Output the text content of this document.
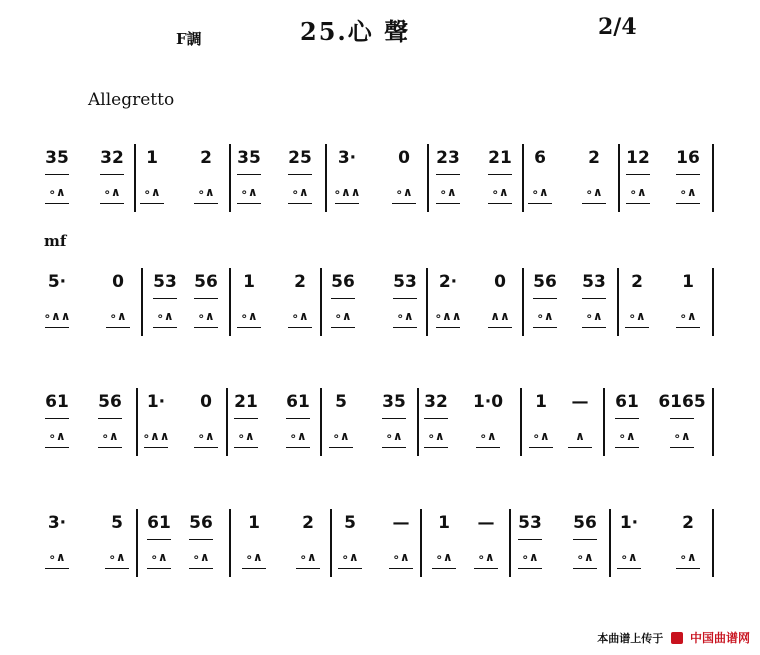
F調	25.心 聲	2/4
Allegretto
mf
35
∘∧
32
∘∧
1
∘∧
2
∘∧
35
∘∧
25
∘∧
3·
∘∧∧
0
∘∧
23
∘∧
21
∘∧
6
∘∧
2
∘∧
12
∘∧
16
∘∧
5·
∘∧∧
0
∘∧
53
∘∧
56
∘∧
1
∘∧
2
∘∧
56
∘∧
53
∘∧
2·
∘∧∧
0
∧∧
56
∘∧
53
∘∧
2
∘∧
1
∘∧
61
∘∧
56
∘∧
1·
∘∧∧
0
∘∧
21
∘∧
61
∘∧
5
∘∧
35
∘∧
32
∘∧
1·0
∘∧
1
∘∧
—
∧
61
∘∧
6165
∘∧
3·
∘∧
5
∘∧
61
∘∧
56
∘∧
1
∘∧
2
∘∧
5
∘∧
—
∘∧
1
∘∧
—
∘∧
53
∘∧
56
∘∧
1·
∘∧
2
∘∧
本曲谱上传于 中国曲谱网
